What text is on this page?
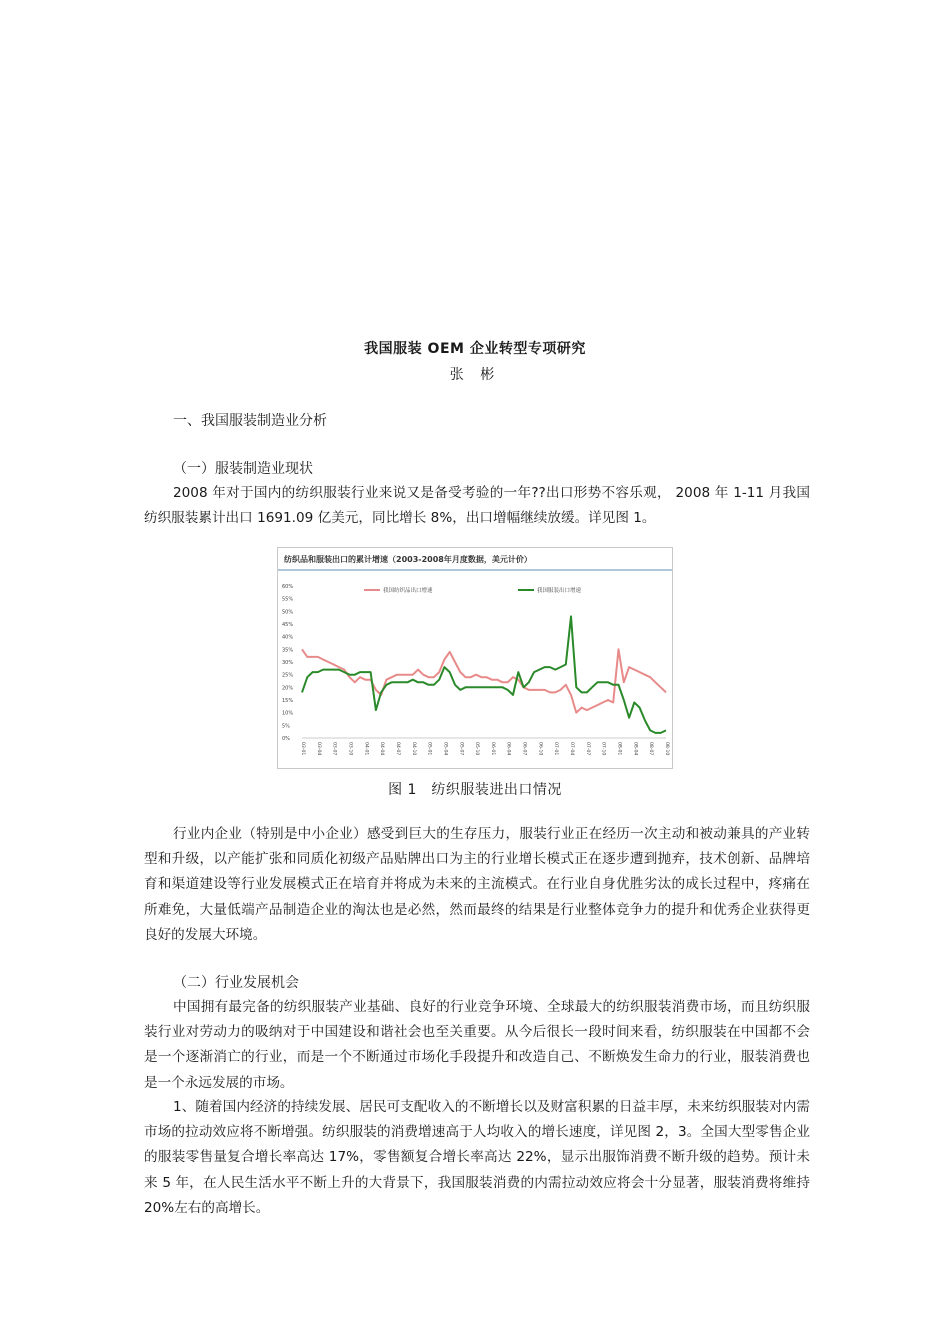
我国服装 OEM 企业转型专项研究
张 彬
一、我国服装制造业分析
（一）服装制造业现状

2008 年对于国内的纺织服装行业来说又是备受考验的一年??出口形势不容乐观， 2008 年 1-11 月我国纺织服装累计出口 1691.09 亿美元，同比增长 8%，出口增幅继续放缓。详见图 1。

纺织品和服装出口的累计增速（2003-2008年月度数据，美元计价）
60%
55%
50%
45%
40%
35%
30%
25%
20%
15%
10%
5%
0%
03-01 03-04 03-07 03-10 04-01 04-04 04-07 04-10 05-01 05-04 05-07 05-10 06-01 06-04 06-07 06-10 07-01 07-04 07-07 07-10 08-01 08-04 08-07 08-10
我国纺织品出口增速	我国服装出口增速
图 1　纺织服装进出口情况

行业内企业（特别是中小企业）感受到巨大的生存压力，服装行业正在经历一次主动和被动兼具的产业转型和升级，以产能扩张和同质化初级产品贴牌出口为主的行业增长模式正在逐步遭到抛弃，技术创新、品牌培育和渠道建设等行业发展模式正在培育并将成为未来的主流模式。在行业自身优胜劣汰的成长过程中，疼痛在所难免，大量低端产品制造企业的淘汰也是必然，然而最终的结果是行业整体竞争力的提升和优秀企业获得更良好的发展大环境。

（二）行业发展机会

中国拥有最完备的纺织服装产业基础、良好的行业竞争环境、全球最大的纺织服装消费市场，而且纺织服装行业对劳动力的吸纳对于中国建设和谐社会也至关重要。从今后很长一段时间来看，纺织服装在中国都不会是一个逐渐消亡的行业，而是一个不断通过市场化手段提升和改造自己、不断焕发生命力的行业，服装消费也是一个永远发展的市场。

1、随着国内经济的持续发展、居民可支配收入的不断增长以及财富积累的日益丰厚，未来纺织服装对内需市场的拉动效应将不断增强。纺织服装的消费增速高于人均收入的增长速度，详见图 2，3。全国大型零售企业的服装零售量复合增长率高达 17%，零售额复合增长率高达 22%，显示出服饰消费不断升级的趋势。预计未来 5 年，在人民生活水平不断上升的大背景下，我国服装消费的内需拉动效应将会十分显著，服装消费将维持 20%左右的高增长。
